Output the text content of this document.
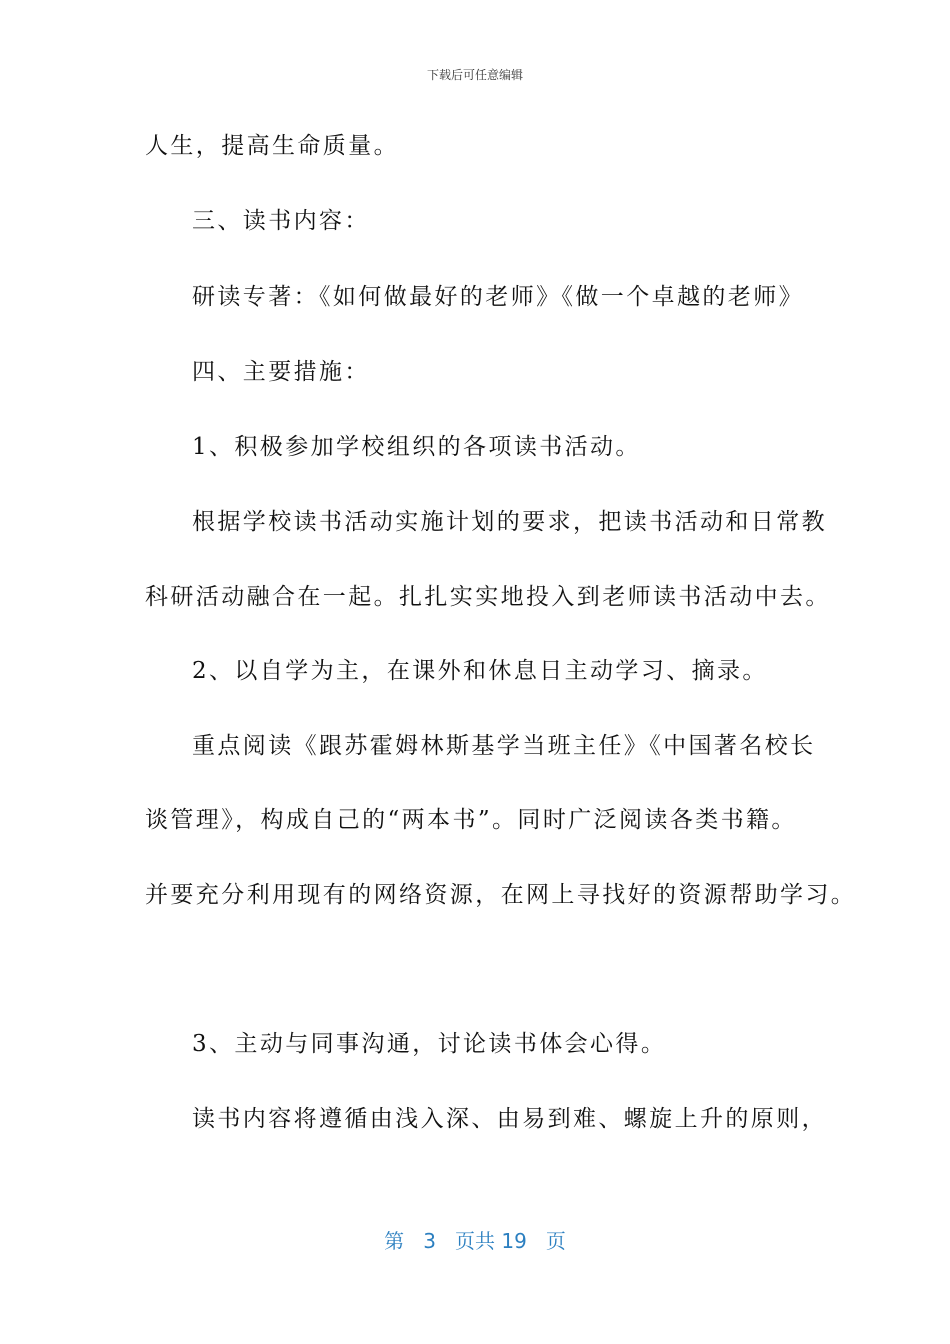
下载后可任意编辑
人生，提高生命质量。
三、读书内容：
研读专著：《如何做最好的老师》《做一个卓越的老师》
四、主要措施：
1、积极参加学校组织的各项读书活动。
根据学校读书活动实施计划的要求，把读书活动和日常教
科研活动融合在一起。扎扎实实地投入到老师读书活动中去。
2、以自学为主，在课外和休息日主动学习、摘录。
重点阅读《跟苏霍姆林斯基学当班主任》《中国著名校长
谈管理》，构成自己的“两本书”。同时广泛阅读各类书籍。
并要充分利用现有的网络资源，在网上寻找好的资源帮助学习。
3、主动与同事沟通，讨论读书体会心得。
读书内容将遵循由浅入深、由易到难、螺旋上升的原则，
第 3 页共 19 页
